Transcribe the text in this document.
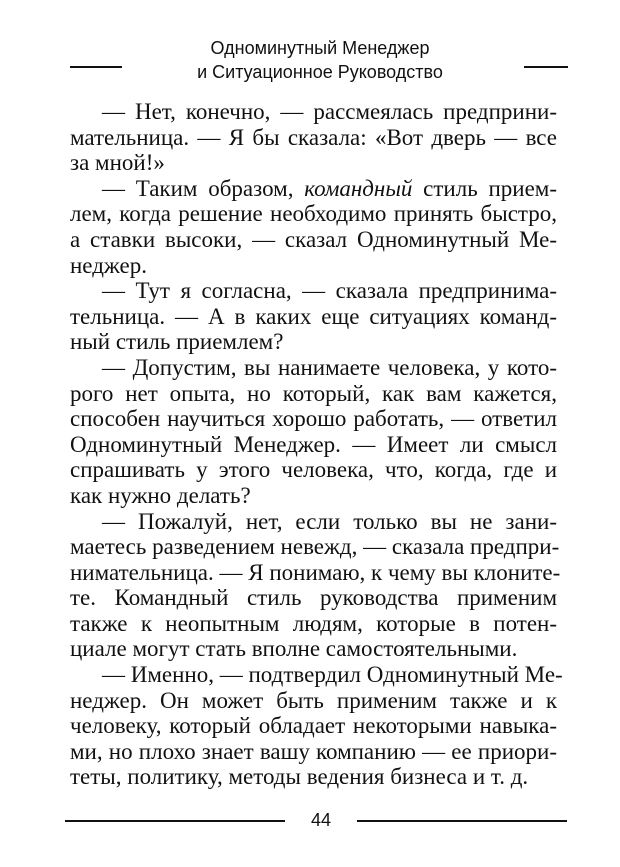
Одноминутный Менеджер
и Ситуационное Руководство
— Нет, конечно, — рассмеялась предприни-
мательница. — Я бы сказала: «Вот дверь — все
за мной!»
— Таким образом, командный стиль прием-
лем, когда решение необходимо принять быстро,
а ставки высоки, — сказал Одноминутный Ме-
неджер.
— Тут я согласна, — сказала предпринима-
тельница. — А в каких еще ситуациях команд-
ный стиль приемлем?
— Допустим, вы нанимаете человека, у кото-
рого нет опыта, но который, как вам кажется,
способен научиться хорошо работать, — ответил
Одноминутный Менеджер. — Имеет ли смысл
спрашивать у этого человека, что, когда, где и
как нужно делать?
— Пожалуй, нет, если только вы не зани-
маетесь разведением невежд, — сказала предпри-
нимательница. — Я понимаю, к чему вы клоните-
те. Командный стиль руководства применим
также к неопытным людям, которые в потен-
циале могут стать вполне самостоятельными.
— Именно, — подтвердил Одноминутный Ме-
неджер. Он может быть применим также и к
человеку, который обладает некоторыми навыка-
ми, но плохо знает вашу компанию — ее приори-
теты, политику, методы ведения бизнеса и т. д.
44
